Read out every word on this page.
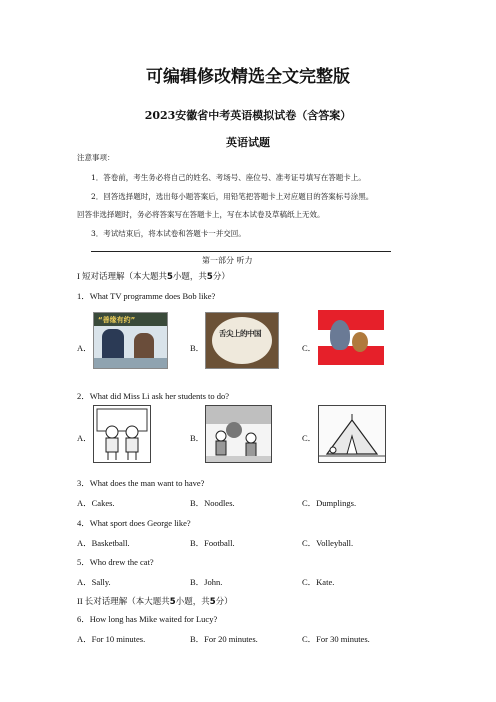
可编辑修改精选全文完整版
2023安徽省中考英语模拟试卷（含答案）
英语试题
注意事项：
1．答卷前，考生务必将自己的姓名、考场号、座位号、准考证号填写在答题卡上。
2．回答选择题时，选出每小题答案后，用铅笔把答题卡上对应题目的答案标号涂黑。
回答非选择题时，务必将答案写在答题卡上，写在本试卷及草稿纸上无效。
3．考试结束后，将本试卷和答题卡一并交回。
第一部分 听力
I 短对话理解（本大题共5小题，共5分）
1．What TV programme does Bob like?
A．
“善缘有约”
B．
舌尖上的中国
C．
2．What did Miss Li ask her students to do?
A．	B．	C．
3．What does the man want to have?
A．Cakes.	B．Noodles.	C．Dumplings.
4．What sport does George like?
A．Basketball.	B．Football.	C．Volleyball.
5．Who drew the cat?
A．Sally.	B．John.	C．Kate.
II 长对话理解（本大题共5小题，共5分）
6．How long has Mike waited for Lucy?
A．For 10 minutes.	B．For 20 minutes.	C．For 30 minutes.
